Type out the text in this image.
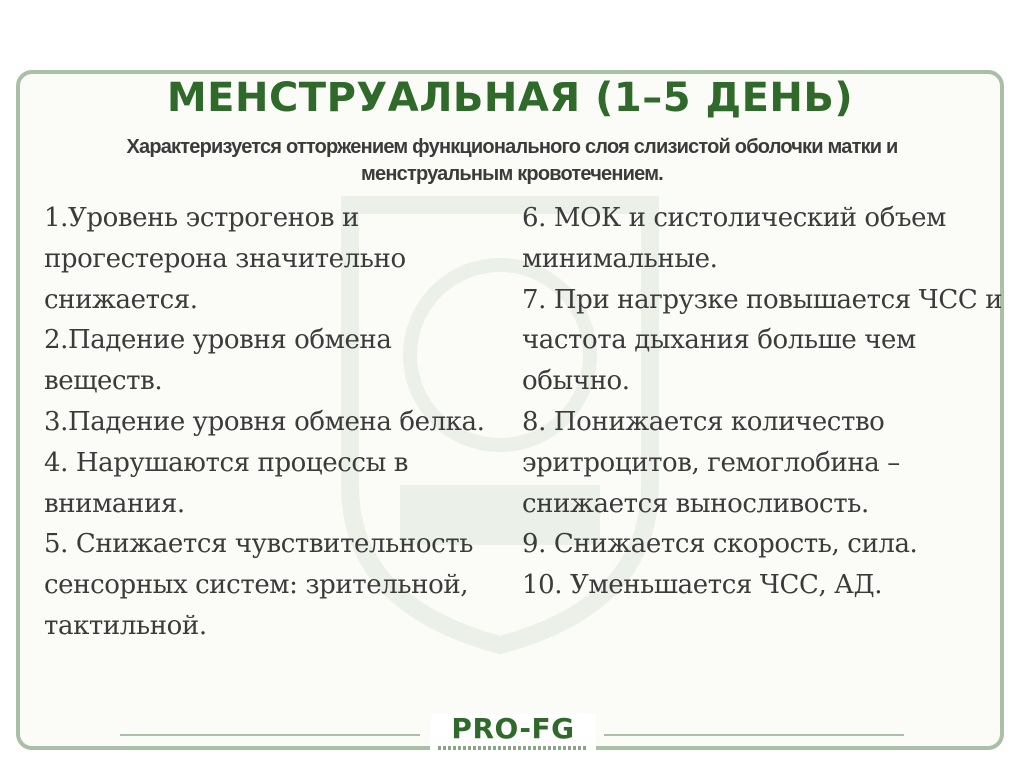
МЕНСТРУАЛЬНАЯ (1–5 ДЕНЬ)
Характеризуется отторжением функционального слоя слизистой оболочки матки и менструальным кровотечением.

1.Уровень эстрогенов и прогестерона значительно снижается.

2.Падение уровня обмена веществ.

3.Падение уровня обмена белка.

4. Нарушаются процессы в внимания.

5. Снижается чувствительность сенсорных систем: зрительной, тактильной.

6. МОК и систолический объем минимальные.

7. При нагрузке повышается ЧСС и частота дыхания больше чем обычно.

8. Понижается количество эритроцитов, гемоглобина – снижается выносливость.

9. Снижается скорость, сила.

10. Уменьшается ЧСС, АД.

PRO-FG
